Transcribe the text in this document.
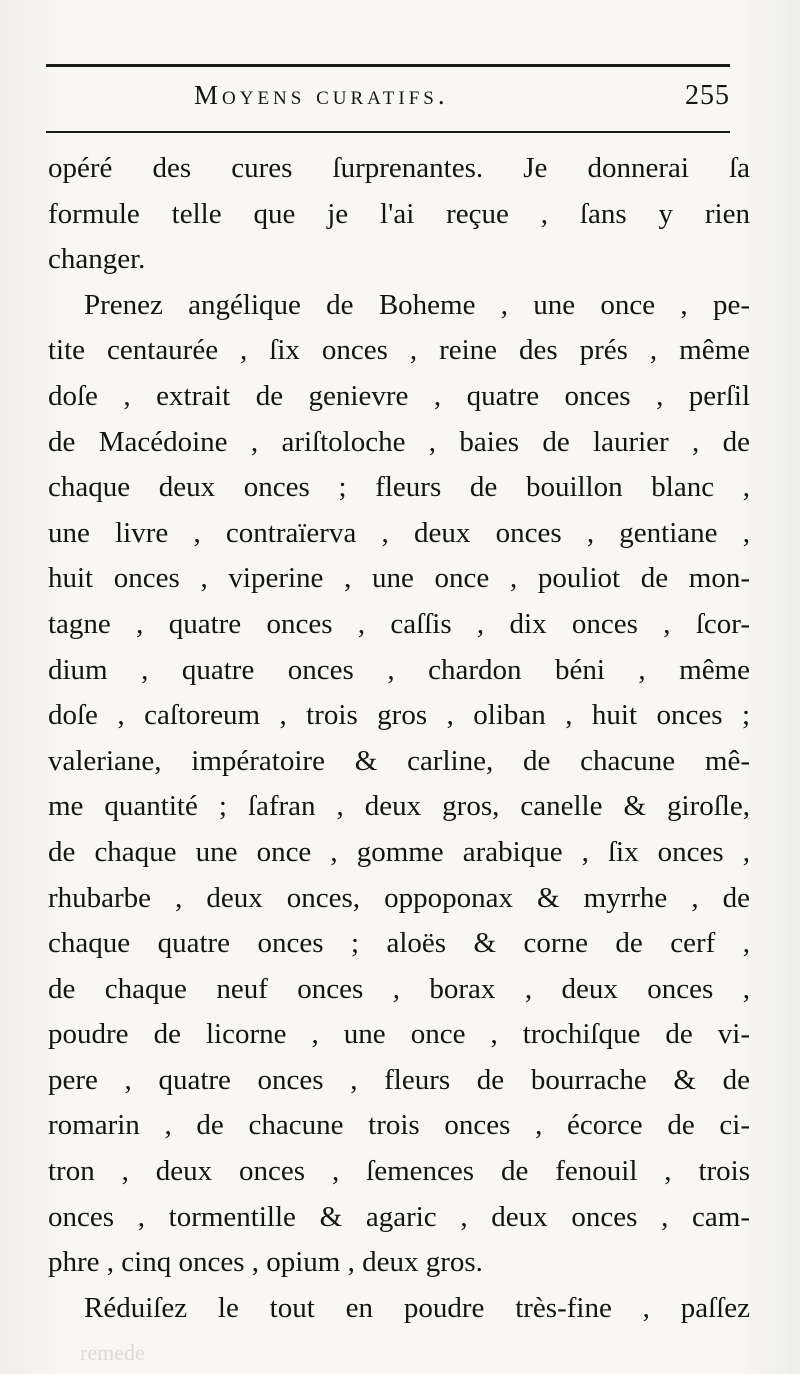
Moyens curatifs.	255
opéré des cures ſurprenantes. Je donnerai ſa
formule telle que je l'ai reçue , ſans y rien
changer.
Prenez angélique de Boheme , une once , pe-
tite centaurée , ſix onces , reine des prés , même
doſe , extrait de genievre , quatre onces , perſil
de Macédoine , ariſtoloche , baies de laurier , de
chaque deux onces ; fleurs de bouillon blanc ,
une livre , contraïerva , deux onces , gentiane ,
huit onces , viperine , une once , pouliot de mon-
tagne , quatre onces , caſſis , dix onces , ſcor-
dium , quatre onces , chardon béni , même
doſe , caſtoreum , trois gros , oliban , huit onces ;
valeriane, impératoire & carline, de chacune mê-
me quantité ; ſafran , deux gros, canelle & giroſle,
de chaque une once , gomme arabique , ſix onces ,
rhubarbe , deux onces, oppoponax & myrrhe , de
chaque quatre onces ; aloës & corne de cerf ,
de chaque neuf onces , borax , deux onces ,
poudre de licorne , une once , trochiſque de vi-
pere , quatre onces , fleurs de bourrache & de
romarin , de chacune trois onces , écorce de ci-
tron , deux onces , ſemences de fenouil , trois
onces , tormentille & agaric , deux onces , cam-
phre , cinq onces , opium , deux gros.
Réduiſez le tout en poudre très-fine , paſſez
remede
